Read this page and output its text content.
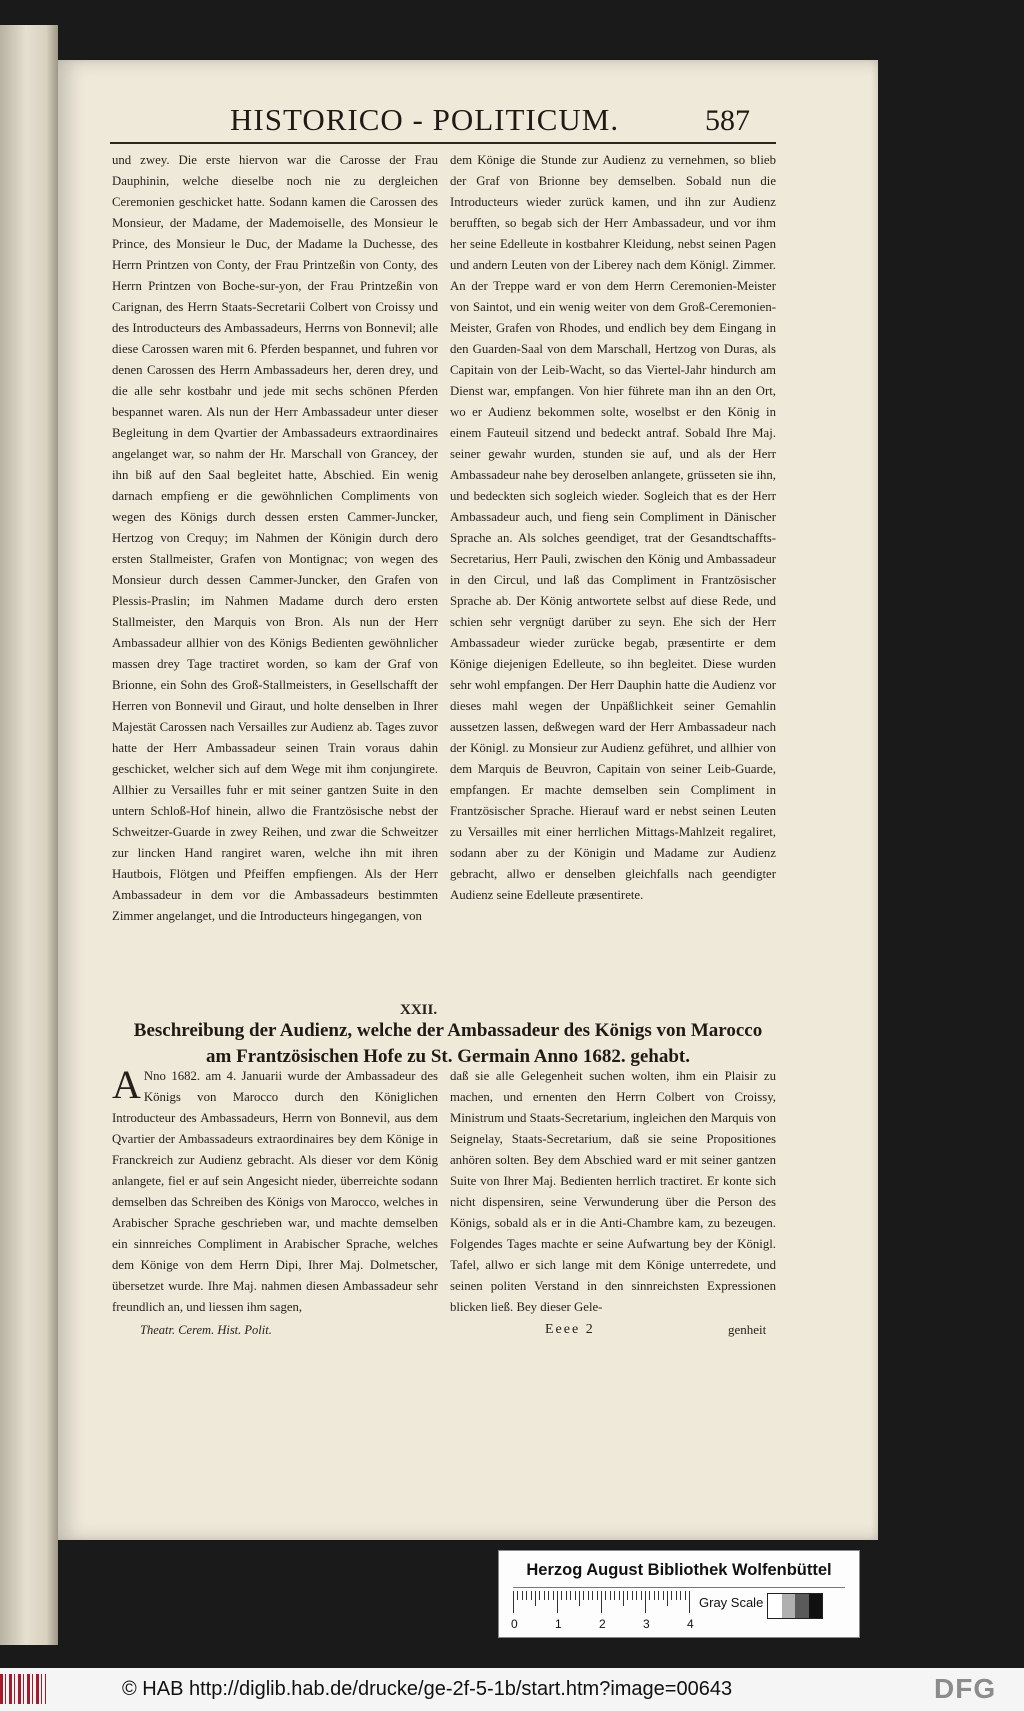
HISTORICO - POLITICUM.	587

und zwey. Die erste hiervon war die Carosse der Frau Dauphinin, welche dieselbe noch nie zu dergleichen Ceremonien geschicket hatte. Sodann kamen die Carossen des Monsieur, der Madame, der Mademoiselle, des Monsieur le Prince, des Monsieur le Duc, der Madame la Duchesse, des Herrn Printzen von Conty, der Frau Printzeßin von Conty, des Herrn Printzen von Boche-sur-yon, der Frau Printzeßin von Carignan, des Herrn Staats-Secretarii Colbert von Croissy und des Introducteurs des Ambassadeurs, Herrns von Bonnevil; alle diese Carossen waren mit 6. Pferden bespannet, und fuhren vor denen Carossen des Herrn Ambassadeurs her, deren drey, und die alle sehr kostbahr und jede mit sechs schönen Pferden bespannet waren. Als nun der Herr Ambassadeur unter dieser Begleitung in dem Qvartier der Ambassadeurs extraordinaires angelanget war, so nahm der Hr. Marschall von Grancey, der ihn biß auf den Saal begleitet hatte, Abschied. Ein wenig darnach empfieng er die gewöhnlichen Compliments von wegen des Königs durch dessen ersten Cammer-Juncker, Hertzog von Crequy; im Nahmen der Königin durch dero ersten Stallmeister, Grafen von Montignac; von wegen des Monsieur durch dessen Cammer-Juncker, den Grafen von Plessis-Praslin; im Nahmen Madame durch dero ersten Stallmeister, den Marquis von Bron. Als nun der Herr Ambassadeur allhier von des Königs Bedienten gewöhnlicher massen drey Tage tractiret worden, so kam der Graf von Brionne, ein Sohn des Groß-Stallmeisters, in Gesellschafft der Herren von Bonnevil und Giraut, und holte denselben in Ihrer Majestät Carossen nach Versailles zur Audienz ab. Tages zuvor hatte der Herr Ambassadeur seinen Train voraus dahin geschicket, welcher sich auf dem Wege mit ihm conjungirete. Allhier zu Versailles fuhr er mit seiner gantzen Suite in den untern Schloß-Hof hinein, allwo die Frantzösische nebst der Schweitzer-Guarde in zwey Reihen, und zwar die Schweitzer zur lincken Hand rangiret waren, welche ihn mit ihren Hautbois, Flötgen und Pfeiffen empfiengen. Als der Herr Ambassadeur in dem vor die Ambassadeurs bestimmten Zimmer angelanget, und die Introducteurs hingegangen, von

dem Könige die Stunde zur Audienz zu vernehmen, so blieb der Graf von Brionne bey demselben. Sobald nun die Introducteurs wieder zurück kamen, und ihn zur Audienz berufften, so begab sich der Herr Ambassadeur, und vor ihm her seine Edelleute in kostbahrer Kleidung, nebst seinen Pagen und andern Leuten von der Liberey nach dem Königl. Zimmer. An der Treppe ward er von dem Herrn Ceremonien-Meister von Saintot, und ein wenig weiter von dem Groß-Ceremonien-Meister, Grafen von Rhodes, und endlich bey dem Eingang in den Guarden-Saal von dem Marschall, Hertzog von Duras, als Capitain von der Leib-Wacht, so das Viertel-Jahr hindurch am Dienst war, empfangen. Von hier führete man ihn an den Ort, wo er Audienz bekommen solte, woselbst er den König in einem Fauteuil sitzend und bedeckt antraf. Sobald Ihre Maj. seiner gewahr wurden, stunden sie auf, und als der Herr Ambassadeur nahe bey deroselben anlangete, grüsseten sie ihn, und bedeckten sich sogleich wieder. Sogleich that es der Herr Ambassadeur auch, und fieng sein Compliment in Dänischer Sprache an. Als solches geendiget, trat der Gesandtschaffts-Secretarius, Herr Pauli, zwischen den König und Ambassadeur in den Circul, und laß das Compliment in Frantzösischer Sprache ab. Der König antwortete selbst auf diese Rede, und schien sehr vergnügt darüber zu seyn. Ehe sich der Herr Ambassadeur wieder zurücke begab, præsentirte er dem Könige diejenigen Edelleute, so ihn begleitet. Diese wurden sehr wohl empfangen. Der Herr Dauphin hatte die Audienz vor dieses mahl wegen der Unpäßlichkeit seiner Gemahlin aussetzen lassen, deßwegen ward der Herr Ambassadeur nach der Königl. zu Monsieur zur Audienz geführet, und allhier von dem Marquis de Beuvron, Capitain von seiner Leib-Guarde, empfangen. Er machte demselben sein Compliment in Frantzösischer Sprache. Hierauf ward er nebst seinen Leuten zu Versailles mit einer herrlichen Mittags-Mahlzeit regaliret, sodann aber zu der Königin und Madame zur Audienz gebracht, allwo er denselben gleichfalls nach geendigter Audienz seine Edelleute præsentirete.

XXII.

Beschreibung der Audienz, welche der Ambassadeur des Königs von Marocco am Frantzösischen Hofe zu St. Germain Anno 1682. gehabt.

A Nno 1682. am 4. Januarii wurde der Ambassadeur des Königs von Marocco durch den Königlichen Introducteur des Ambassadeurs, Herrn von Bonnevil, aus dem Qvartier der Ambassadeurs extraordinaires bey dem Könige in Franckreich zur Audienz gebracht. Als dieser vor dem König anlangete, fiel er auf sein Angesicht nieder, überreichte sodann demselben das Schreiben des Königs von Marocco, welches in Arabischer Sprache geschrieben war, und machte demselben ein sinnreiches Compliment in Arabischer Sprache, welches dem Könige von dem Herrn Dipi, Ihrer Maj. Dolmetscher, übersetzet wurde. Ihre Maj. nahmen diesen Ambassadeur sehr freundlich an, und liessen ihm sagen,

daß sie alle Gelegenheit suchen wolten, ihm ein Plaisir zu machen, und ernenten den Herrn Colbert von Croissy, Ministrum und Staats-Secretarium, ingleichen den Marquis von Seignelay, Staats-Secretarium, daß sie seine Propositiones anhören solten. Bey dem Abschied ward er mit seiner gantzen Suite von Ihrer Maj. Bedienten herrlich tractiret. Er konte sich nicht dispensiren, seine Verwunderung über die Person des Königs, sobald als er in die Anti-Chambre kam, zu bezeugen. Folgendes Tages machte er seine Aufwartung bey der Königl. Tafel, allwo er sich lange mit dem Könige unterredete, und seinen politen Verstand in den sinnreichsten Expressionen blicken ließ. Bey dieser Gele-

Theatr. Cerem. Hist. Polit.	Eeee 2	genheit
Herzog August Bibliothek Wolfenbüttel
0	1	2	3	4
Gray Scale
© HAB http://diglib.hab.de/drucke/ge-2f-5-1b/start.htm?image=00643	DFG
